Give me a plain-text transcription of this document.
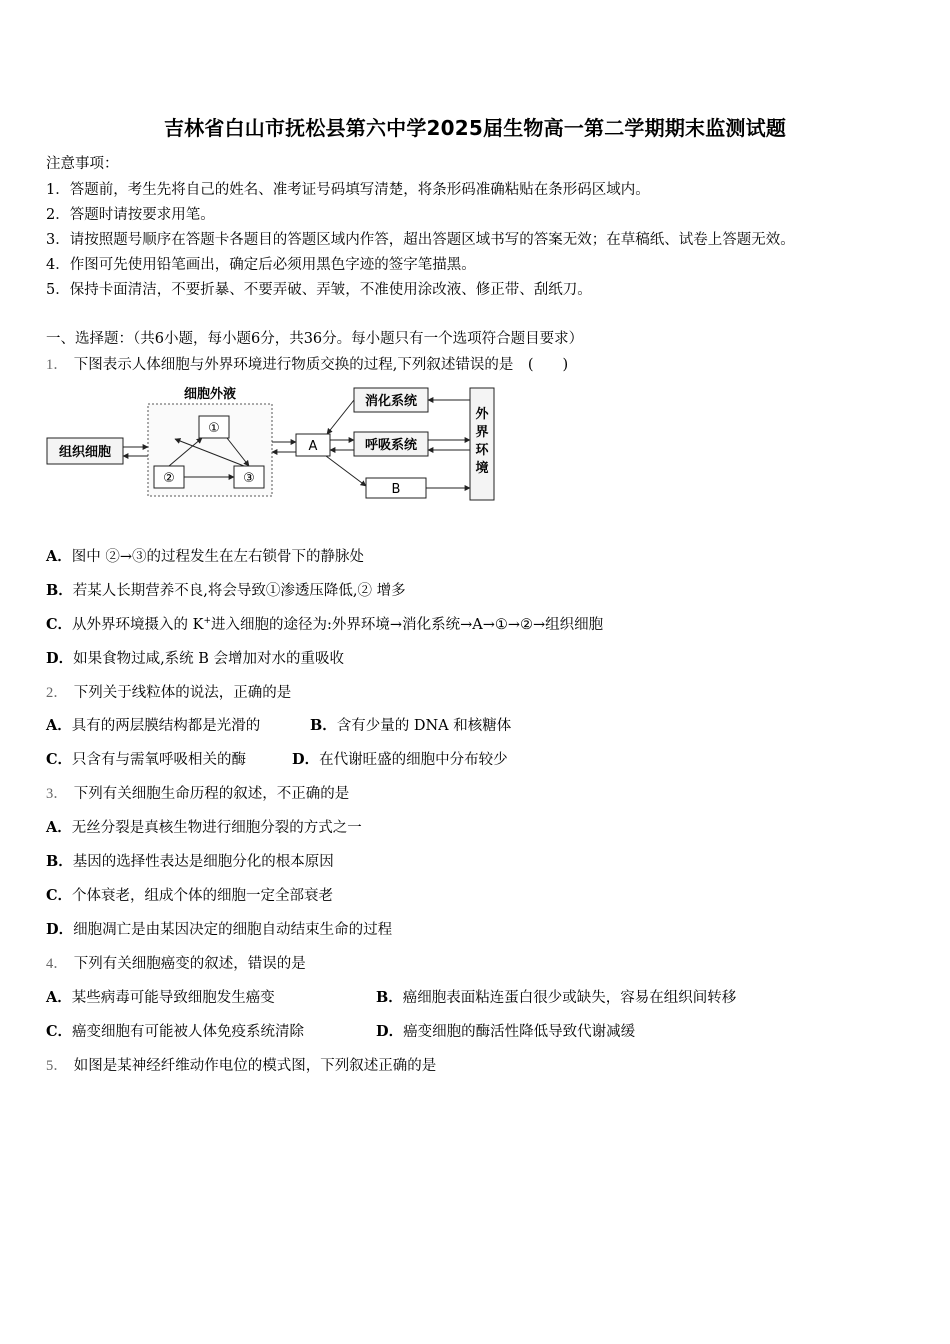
吉林省白山市抚松县第六中学2025届生物高一第二学期期末监测试题
注意事项：
1．答题前，考生先将自己的姓名、准考证号码填写清楚，将条形码准确粘贴在条形码区域内。
2．答题时请按要求用笔。
3．请按照题号顺序在答题卡各题目的答题区域内作答，超出答题区域书写的答案无效；在草稿纸、试卷上答题无效。
4．作图可先使用铅笔画出，确定后必须用黑色字迹的签字笔描黑。
5．保持卡面清洁，不要折暴、不要弄破、弄皱，不准使用涂改液、修正带、刮纸刀。
一、选择题：（共6小题，每小题6分，共36分。每小题只有一个选项符合题目要求）
1． 下图表示人体细胞与外界环境进行物质交换的过程,下列叙述错误的是　(　　)
细胞外液
组织细胞
①
②	③
A
消化系统
呼吸系统
B
外
界
环
境
A．图中 ②→③的过程发生在左右锁骨下的静脉处
B．若某人长期营养不良,将会导致①渗透压降低,② 增多
C．从外界环境摄入的 K+进入细胞的途径为:外界环境→消化系统→A→①→②→组织细胞
D．如果食物过咸,系统 B 会增加对水的重吸收
2． 下列关于线粒体的说法，正确的是
A．具有的两层膜结构都是光滑的	B．含有少量的 DNA 和核糖体
C．只含有与需氧呼吸相关的酶	D．在代谢旺盛的细胞中分布较少
3． 下列有关细胞生命历程的叙述，不正确的是
A．无丝分裂是真核生物进行细胞分裂的方式之一
B．基因的选择性表达是细胞分化的根本原因
C．个体衰老，组成个体的细胞一定全部衰老
D．细胞凋亡是由某因决定的细胞自动结束生命的过程
4． 下列有关细胞癌变的叙述，错误的是
A．某些病毒可能导致细胞发生癌变	B．癌细胞表面粘连蛋白很少或缺失，容易在组织间转移
C．癌变细胞有可能被人体免疫系统清除	D．癌变细胞的酶活性降低导致代谢减缓
5． 如图是某神经纤维动作电位的模式图，下列叙述正确的是
